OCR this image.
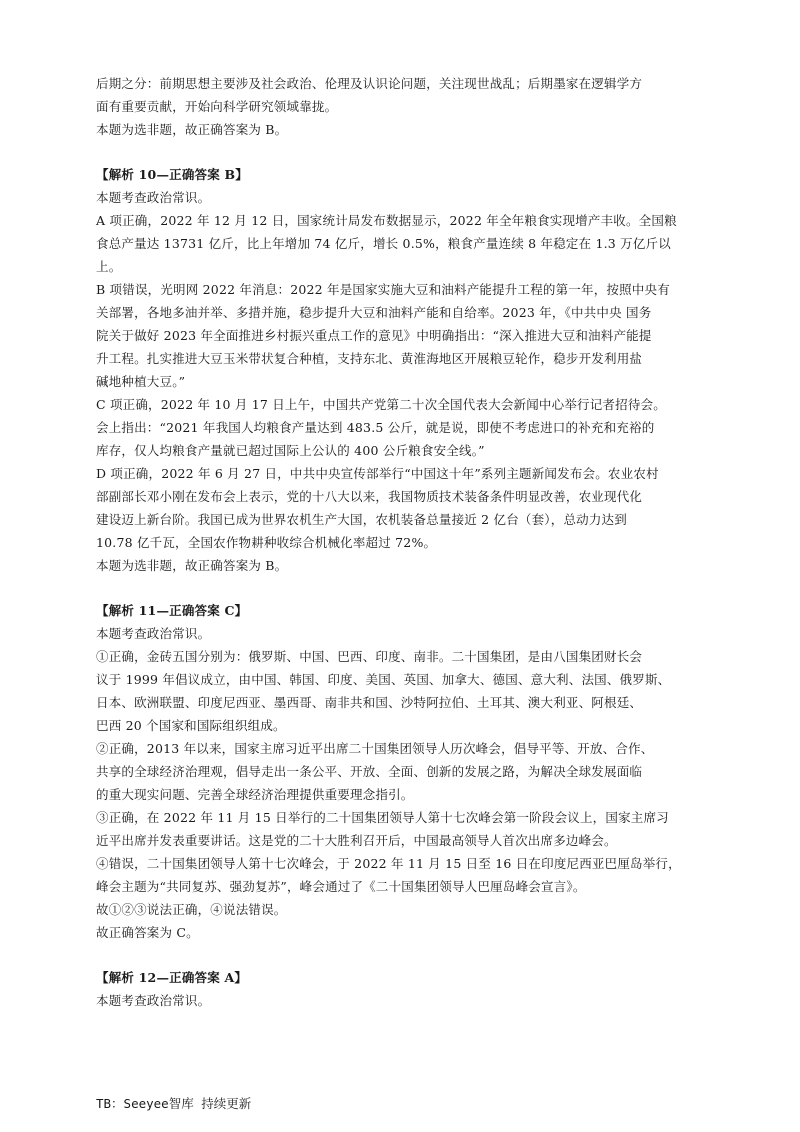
后期之分：前期思想主要涉及社会政治、伦理及认识论问题，关注现世战乱；后期墨家在逻辑学方
面有重要贡献，开始向科学研究领域靠拢。
本题为选非题，故正确答案为 B。
【解析 10—正确答案 B】
本题考查政治常识。
A 项正确，2022 年 12 月 12 日，国家统计局发布数据显示，2022 年全年粮食实现增产丰收。全国粮
食总产量达 13731 亿斤，比上年增加 74 亿斤，增长 0.5%，粮食产量连续 8 年稳定在 1.3 万亿斤以
上。
B 项错误，光明网 2022 年消息：2022 年是国家实施大豆和油料产能提升工程的第一年，按照中央有
关部署，各地多油并举、多措并施，稳步提升大豆和油料产能和自给率。2023 年，《中共中央 国务
院关于做好 2023 年全面推进乡村振兴重点工作的意见》中明确指出：“深入推进大豆和油料产能提
升工程。扎实推进大豆玉米带状复合种植，支持东北、黄淮海地区开展粮豆轮作，稳步开发利用盐
碱地种植大豆。”
C 项正确，2022 年 10 月 17 日上午，中国共产党第二十次全国代表大会新闻中心举行记者招待会。
会上指出：“2021 年我国人均粮食产量达到 483.5 公斤，就是说，即使不考虑进口的补充和充裕的
库存，仅人均粮食产量就已超过国际上公认的 400 公斤粮食安全线。”
D 项正确，2022 年 6 月 27 日，中共中央宣传部举行“中国这十年”系列主题新闻发布会。农业农村
部副部长邓小刚在发布会上表示，党的十八大以来，我国物质技术装备条件明显改善，农业现代化
建设迈上新台阶。我国已成为世界农机生产大国，农机装备总量接近 2 亿台（套），总动力达到
10.78 亿千瓦，全国农作物耕种收综合机械化率超过 72%。
本题为选非题，故正确答案为 B。
【解析 11—正确答案 C】
本题考查政治常识。
①正确，金砖五国分别为：俄罗斯、中国、巴西、印度、南非。二十国集团，是由八国集团财长会
议于 1999 年倡议成立，由中国、韩国、印度、美国、英国、加拿大、德国、意大利、法国、俄罗斯、
日本、欧洲联盟、印度尼西亚、墨西哥、南非共和国、沙特阿拉伯、土耳其、澳大利亚、阿根廷、
巴西 20 个国家和国际组织组成。
②正确，2013 年以来，国家主席习近平出席二十国集团领导人历次峰会，倡导平等、开放、合作、
共享的全球经济治理观，倡导走出一条公平、开放、全面、创新的发展之路，为解决全球发展面临
的重大现实问题、完善全球经济治理提供重要理念指引。
③正确，在 2022 年 11 月 15 日举行的二十国集团领导人第十七次峰会第一阶段会议上，国家主席习
近平出席并发表重要讲话。这是党的二十大胜利召开后，中国最高领导人首次出席多边峰会。
④错误，二十国集团领导人第十七次峰会，于 2022 年 11 月 15 日至 16 日在印度尼西亚巴厘岛举行，
峰会主题为“共同复苏、强劲复苏”，峰会通过了《二十国集团领导人巴厘岛峰会宣言》。
故①②③说法正确，④说法错误。
故正确答案为 C。
【解析 12—正确答案 A】
本题考查政治常识。
TB：Seeyee智库 持续更新
